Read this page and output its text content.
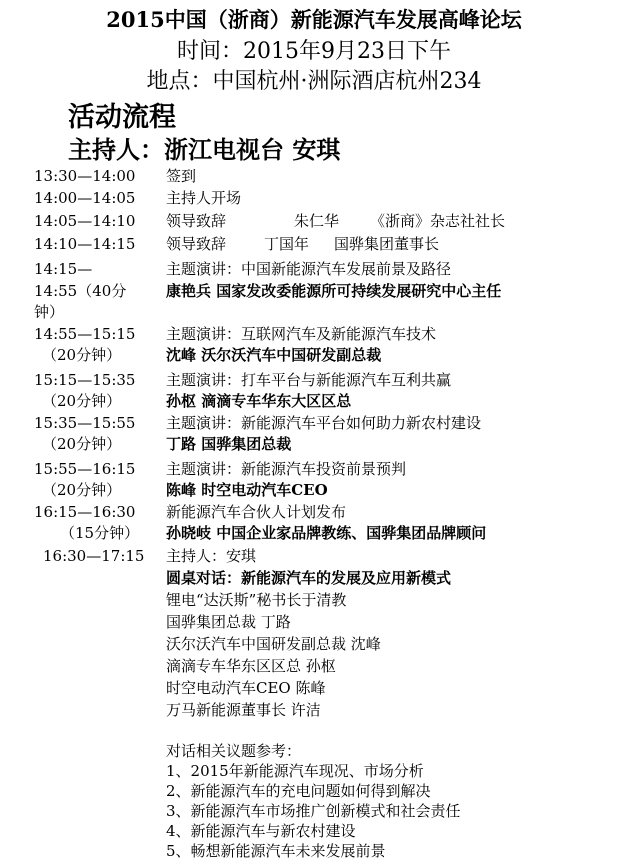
2015中国（浙商）新能源汽车发展高峰论坛
时间：2015年9月23日下午
地点：中国杭州·洲际酒店杭州234
活动流程
主持人：浙江电视台 安琪
13:30—14:00
14:00—14:05
14:05—14:10
14:10—14:15
14:15—
14:55（40分
钟）
14:55—15:15
（20分钟）
15:15—15:35
（20分钟）
15:35—15:55
（20分钟）
15:55—16:15
（20分钟）
16:15—16:30
（15分钟）
16:30—17:15
签到
主持人开场
领导致辞	朱仁华 《浙商》杂志社社长
领导致辞	丁国年 国骅集团董事长
主题演讲：中国新能源汽车发展前景及路径
康艳兵 国家发改委能源所可持续发展研究中心主任
主题演讲：互联网汽车及新能源汽车技术
沈峰 沃尔沃汽车中国研发副总裁
主题演讲：打车平台与新能源汽车互利共赢
孙枢 滴滴专车华东大区区总
主题演讲：新能源汽车平台如何助力新农村建设
丁路 国骅集团总裁
主题演讲：新能源汽车投资前景预判
陈峰 时空电动汽车CEO
新能源汽车合伙人计划发布
孙晓岐 中国企业家品牌教练、国骅集团品牌顾问
主持人：安琪
圆桌对话：新能源汽车的发展及应用新模式
锂电“达沃斯”秘书长于清教
国骅集团总裁 丁路
沃尔沃汽车中国研发副总裁 沈峰
滴滴专车华东区区总 孙枢
时空电动汽车CEO 陈峰
万马新能源董事长 许洁
对话相关议题参考：
1、2015年新能源汽车现况、市场分析
2、新能源汽车的充电问题如何得到解决
3、新能源汽车市场推广创新模式和社会责任
4、新能源汽车与新农村建设
5、畅想新能源汽车未来发展前景
